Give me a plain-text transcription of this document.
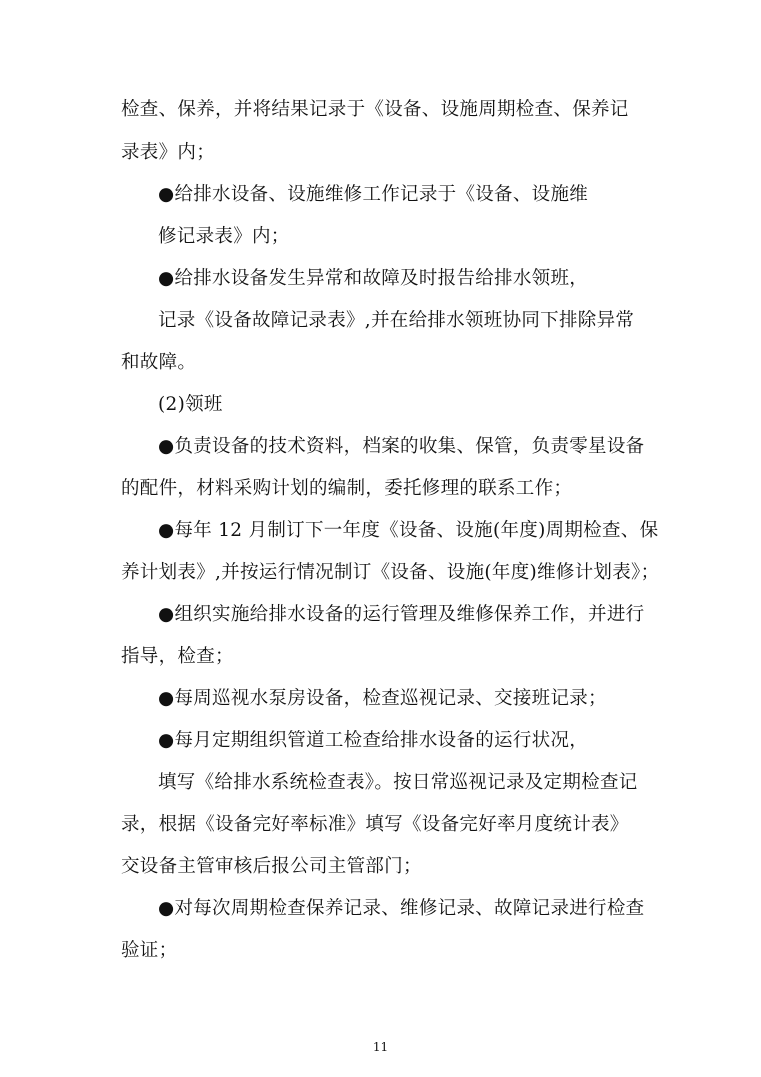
检查、保养，并将结果记录于《设备、设施周期检查、保养记

录表》内；

●给排水设备、设施维修工作记录于《设备、设施维

修记录表》内；

●给排水设备发生异常和故障及时报告给排水领班，

记录《设备故障记录表》,并在给排水领班协同下排除异常

和故障。

(2)领班

●负责设备的技术资料，档案的收集、保管，负责零星设备

的配件，材料采购计划的编制，委托修理的联系工作；

●每年 12 月制订下一年度《设备、设施(年度)周期检查、保

养计划表》,并按运行情况制订《设备、设施(年度)维修计划表》；

●组织实施给排水设备的运行管理及维修保养工作，并进行

指导，检查；

●每周巡视水泵房设备，检查巡视记录、交接班记录；

●每月定期组织管道工检查给排水设备的运行状况，

填写《给排水系统检查表》。按日常巡视记录及定期检查记

录，根据《设备完好率标准》填写《设备完好率月度统计表》

交设备主管审核后报公司主管部门；

●对每次周期检查保养记录、维修记录、故障记录进行检查

验证；

11
